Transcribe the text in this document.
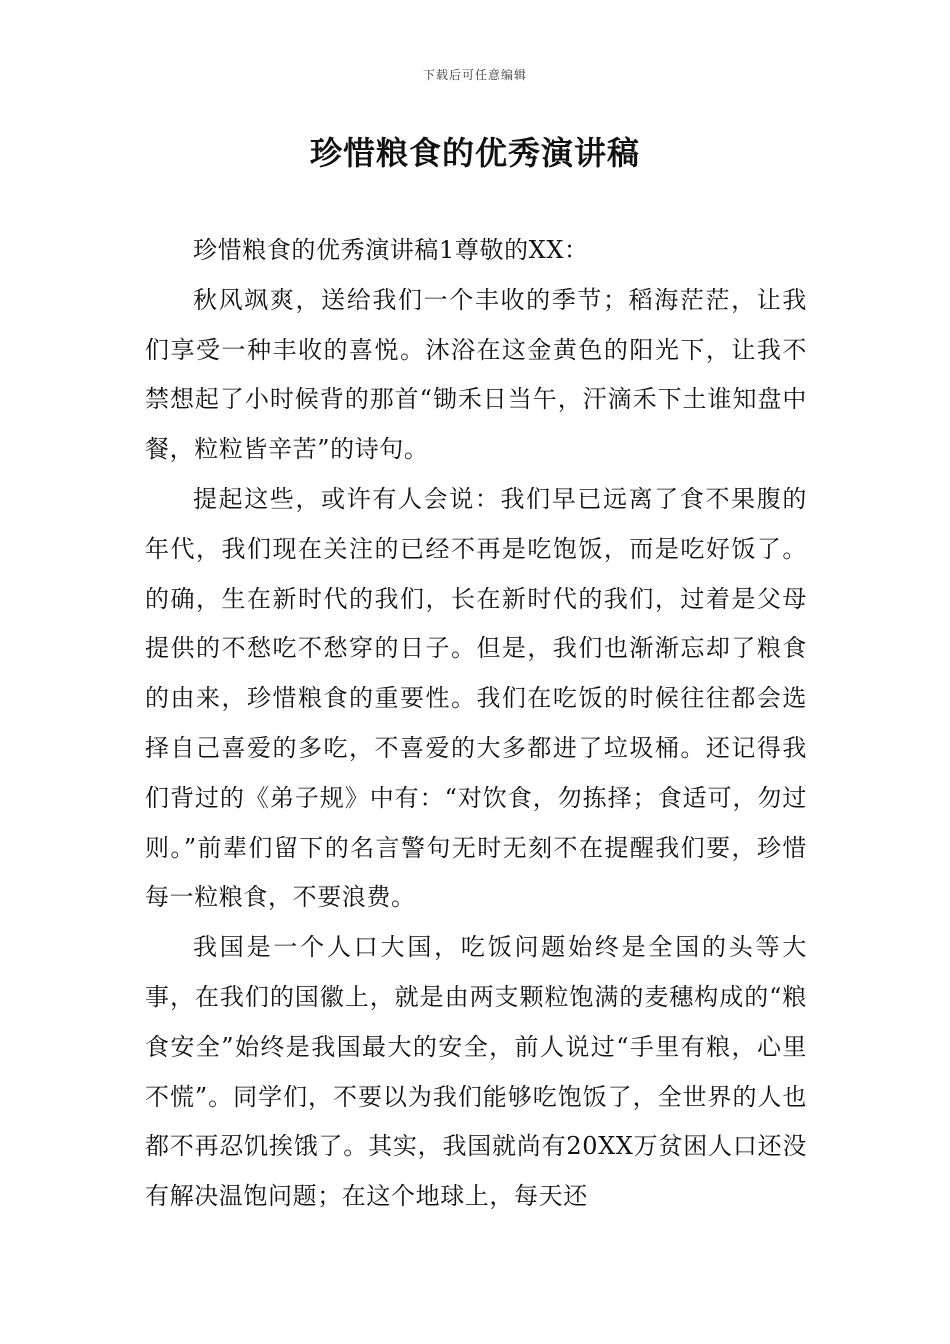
下载后可任意编辑
珍惜粮食的优秀演讲稿

珍惜粮食的优秀演讲稿1尊敬的XX：

秋风飒爽，送给我们一个丰收的季节；稻海茫茫，让我们享受一种丰收的喜悦。沐浴在这金黄色的阳光下，让我不禁想起了小时候背的那首“锄禾日当午，汗滴禾下土谁知盘中餐，粒粒皆辛苦”的诗句。

提起这些，或许有人会说：我们早已远离了食不果腹的年代，我们现在关注的已经不再是吃饱饭，而是吃好饭了。的确，生在新时代的我们，长在新时代的我们，过着是父母提供的不愁吃不愁穿的日子。但是，我们也渐渐忘却了粮食的由来，珍惜粮食的重要性。我们在吃饭的时候往往都会选择自己喜爱的多吃，不喜爱的大多都进了垃圾桶。还记得我们背过的《弟子规》中有：“对饮食，勿拣择；食适可，勿过则。”前辈们留下的名言警句无时无刻不在提醒我们要，珍惜每一粒粮食，不要浪费。

我国是一个人口大国，吃饭问题始终是全国的头等大事，在我们的国徽上，就是由两支颗粒饱满的麦穗构成的“粮食安全”始终是我国最大的安全，前人说过“手里有粮，心里不慌”。同学们，不要以为我们能够吃饱饭了，全世界的人也都不再忍饥挨饿了。其实，我国就尚有20XX万贫困人口还没有解决温饱问题；在这个地球上，每天还
